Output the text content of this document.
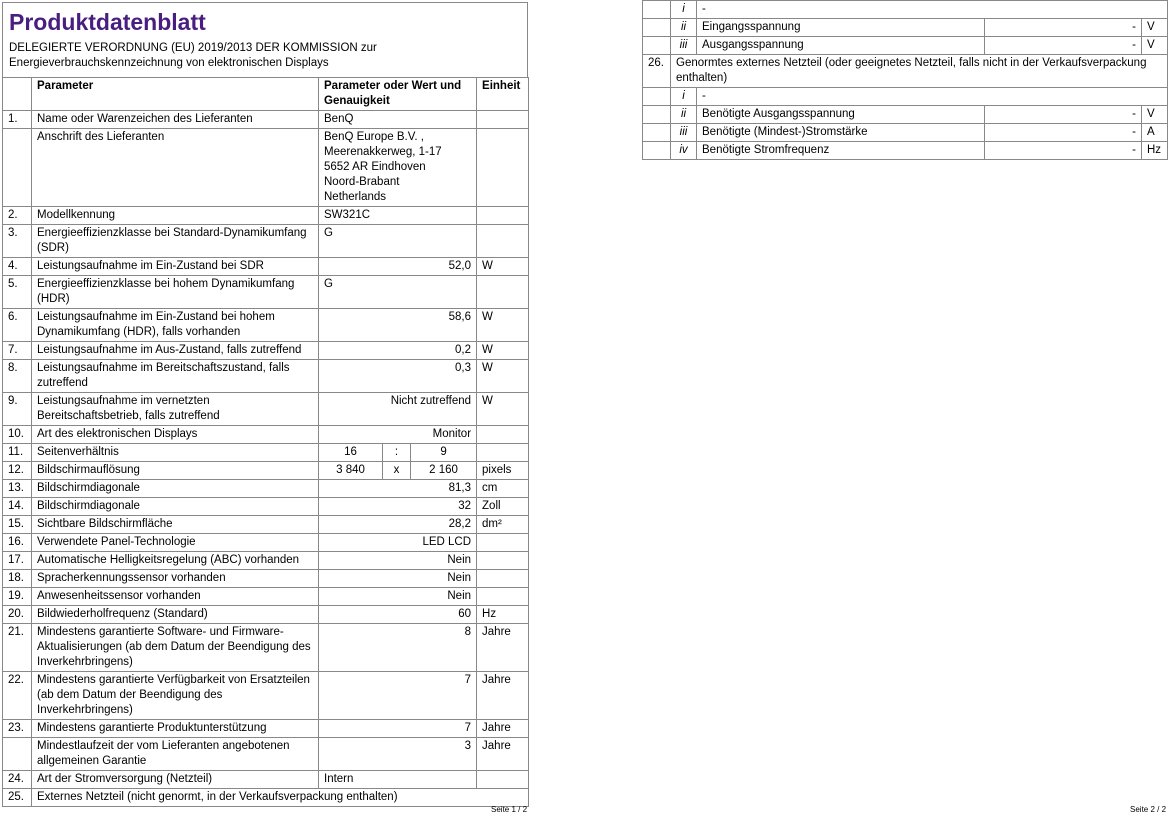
Produktdatenblatt
DELEGIERTE VERORDNUNG (EU) 2019/2013 DER KOMMISSION zur
Energieverbrauchskennzeichnung von elektronischen Displays
	Parameter	Parameter oder Wert und Genauigkeit			Einheit
1.	Name oder Warenzeichen des Lieferanten	BenQ			
	Anschrift des Lieferanten	BenQ Europe B.V. , Meerenakkerweg, 1-17 5652 AR Eindhoven Noord-Brabant Netherlands			
2.	Modellkennung	SW321C			
3.	Energieeffizienzklasse bei Standard-Dynamikumfang (SDR)	G			
4.	Leistungsaufnahme im Ein-Zustand bei SDR	52,0			W
5.	Energieeffizienzklasse bei hohem Dynamikumfang (HDR)	G			
6.	Leistungsaufnahme im Ein-Zustand bei hohem Dynamikumfang (HDR), falls vorhanden	58,6			W
7.	Leistungsaufnahme im Aus-Zustand, falls zutreffend	0,2			W
8.	Leistungsaufnahme im Bereitschaftszustand, falls zutreffend	0,3			W
9.	Leistungsaufnahme im vernetzten Bereitschaftsbetrieb, falls zutreffend	Nicht zutreffend			W
10.	Art des elektronischen Displays	Monitor			
11.	Seitenverhältnis	16	:	9	
12.	Bildschirmauflösung	3 840	x	2 160	pixels
13.	Bildschirmdiagonale	81,3			cm
14.	Bildschirmdiagonale	32			Zoll
15.	Sichtbare Bildschirmfläche	28,2			dm²
16.	Verwendete Panel-Technologie	LED LCD			
17.	Automatische Helligkeitsregelung (ABC) vorhanden	Nein			
18.	Spracherkennungssensor vorhanden	Nein			
19.	Anwesenheitssensor vorhanden	Nein			
20.	Bildwiederholfrequenz (Standard)	60			Hz
21.	Mindestens garantierte Software- und Firmware-Aktualisierungen (ab dem Datum der Beendigung des Inverkehrbringens)	8			Jahre
22.	Mindestens garantierte Verfügbarkeit von Ersatzteilen (ab dem Datum der Beendigung des Inverkehrbringens)	7			Jahre
23.	Mindestens garantierte Produktunterstützung	7			Jahre
	Mindestlaufzeit der vom Lieferanten angebotenen allgemeinen Garantie	3			Jahre
24.	Art der Stromversorgung (Netzteil)	Intern			
25.	Externes Netzteil (nicht genormt, in der Verkaufsverpackung enthalten)				
Seite 1 / 2
	i	-		
	ii	Eingangsspannung	-	V
	iii	Ausgangsspannung	-	V
26.	Genormtes externes Netzteil (oder geeignetes Netzteil, falls nicht in der Verkaufsverpackung enthalten)			
	i	-		
	ii	Benötigte Ausgangsspannung	-	V
	iii	Benötigte (Mindest-)Stromstärke	-	A
	iv	Benötigte Stromfrequenz	-	Hz
Seite 2 / 2
